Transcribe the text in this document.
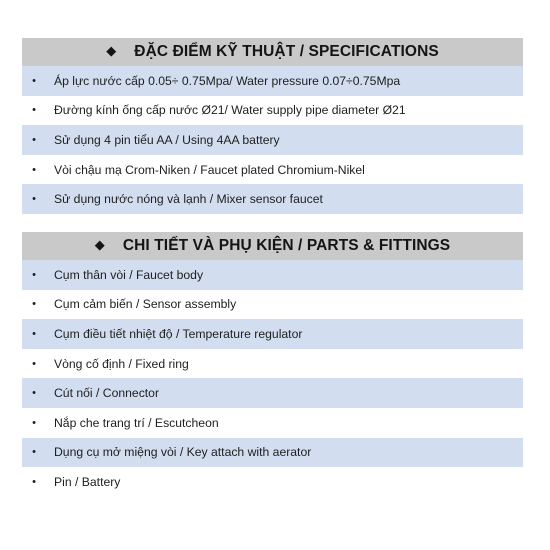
◆ ĐẶC ĐIỂM KỸ THUẬT / SPECIFICATIONS
•	Áp lực nước cấp 0.05÷ 0.75Mpa/ Water pressure 0.07÷0.75Mpa
•	Đường kính ống cấp nước Ø21/ Water supply pipe diameter Ø21
•	Sử dụng 4 pin tiểu AA / Using 4AA battery
•	Vòi chậu mạ Crom-Niken / Faucet plated Chromium-Nikel
•	Sử dụng nước nóng và lạnh / Mixer sensor faucet
◆ CHI TIẾT VÀ PHỤ KIỆN / PARTS & FITTINGS
•	Cụm thân vòi / Faucet body
•	Cụm cảm biến / Sensor assembly
•	Cụm điều tiết nhiệt độ / Temperature regulator
•	Vòng cố định / Fixed ring
•	Cút nối / Connector
•	Nắp che trang trí / Escutcheon
•	Dụng cụ mở miệng vòi / Key attach with aerator
•	Pin / Battery
